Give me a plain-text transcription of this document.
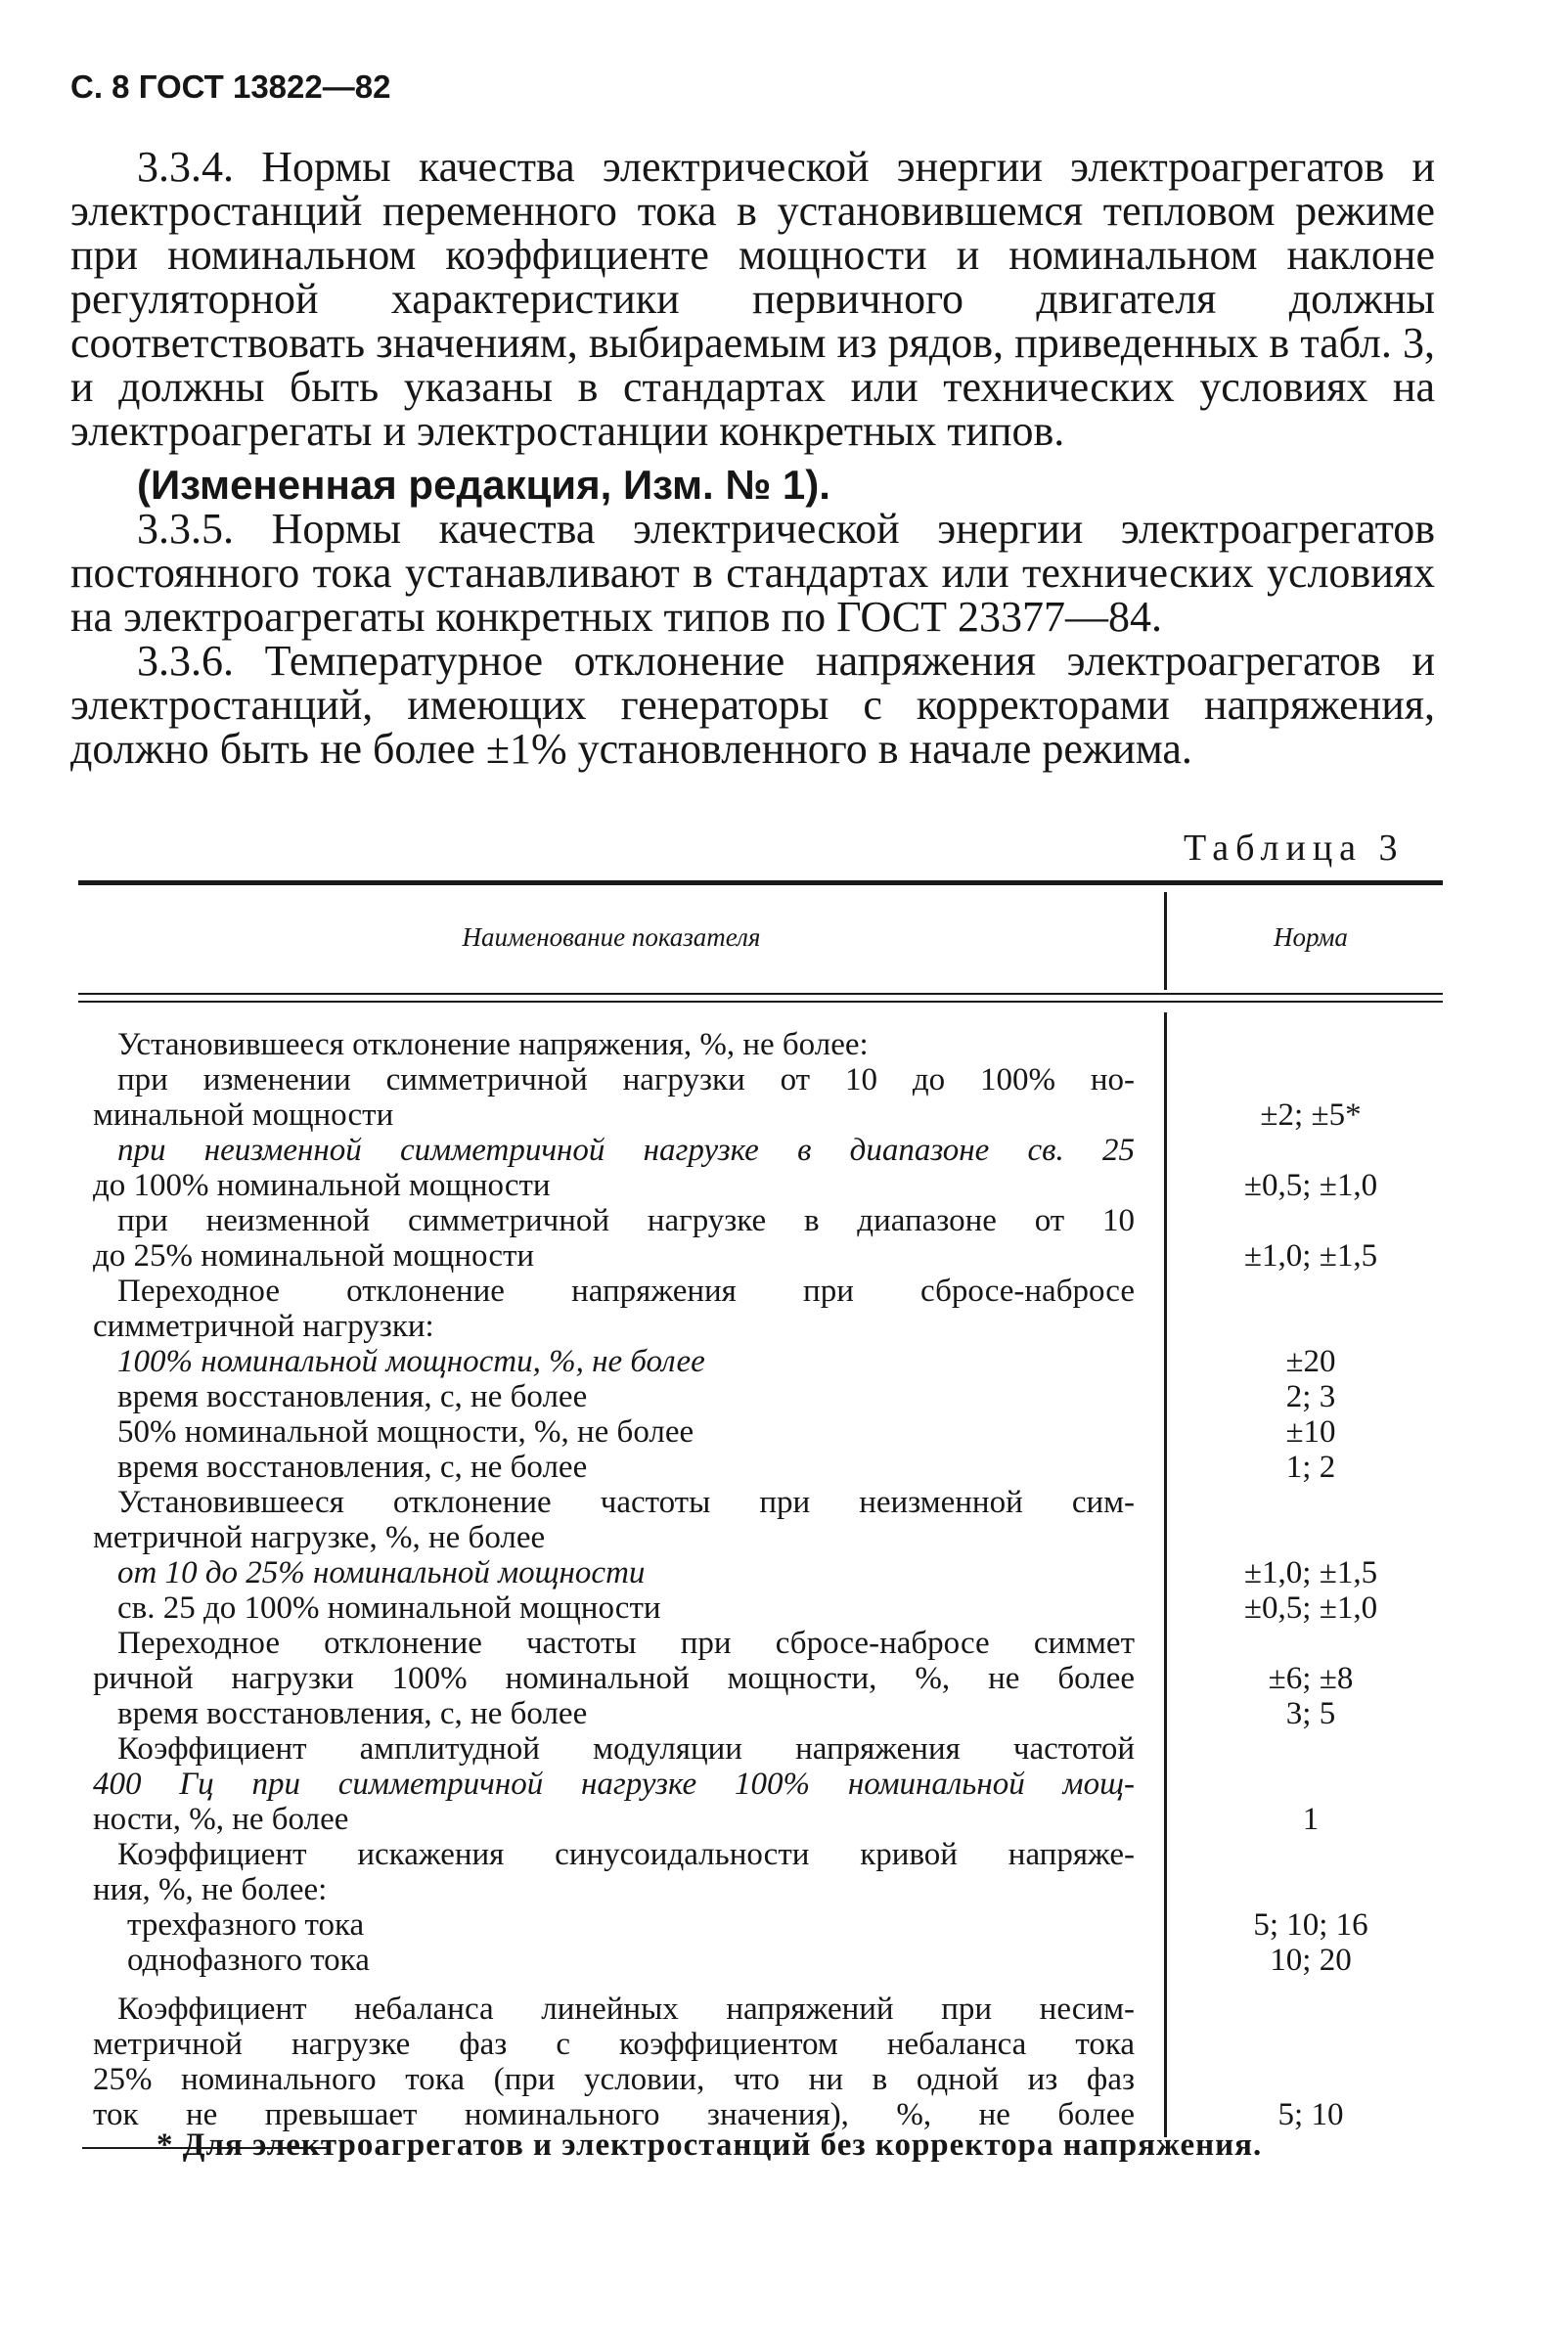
С. 8 ГОСТ 13822—82

3.3.4. Нормы качества электрической энергии электроагрегатов и электростанций переменного тока в установившемся тепловом режиме при номинальном коэффициенте мощности и номинальном наклоне регуляторной характеристики первичного двигателя должны соответствовать значениям, выбираемым из рядов, приведенных в табл. 3, и должны быть указаны в стандартах или технических условиях на электроагрегаты и электростанции конкретных типов.

(Измененная редакция, Изм. № 1).

3.3.5. Нормы качества электрической энергии электроагрегатов постоянного тока устанавливают в стандартах или технических условиях на электроагрегаты конкретных типов по ГОСТ 23377—84.

3.3.6. Температурное отклонение напряжения электроагрегатов и электростанций, имеющих генераторы с корректорами напряжения, должно быть не более ±1% установленного в начале режима.

Таблица 3
Наименование показателя	Норма
Установившееся отклонение напряжения, %, не более:
при изменении симметричной нагрузки от 10 до 100% но-
минальной мощности
при неизменной симметричной нагрузке в диапазоне св. 25
до 100% номинальной мощности
при неизменной симметричной нагрузке в диапазоне от 10
до 25% номинальной мощности
Переходное отклонение напряжения при сбросе-набросе
симметричной нагрузки:
100% номинальной мощности, %, не более
время восстановления, с, не более
50% номинальной мощности, %, не более
время восстановления, с, не более
Установившееся отклонение частоты при неизменной сим-
метричной нагрузке, %, не более
от 10 до 25% номинальной мощности
св. 25 до 100% номинальной мощности
Переходное отклонение частоты при сбросе-набросе симмет
ричной нагрузки 100% номинальной мощности, %, не более
время восстановления, с, не более
Коэффициент амплитудной модуляции напряжения частотой
400 Гц при симметричной нагрузке 100% номинальной мощ-
ности, %, не более
Коэффициент искажения синусоидальности кривой напряже-
ния, %, не более:
трехфазного тока
однофазного тока
Коэффициент небаланса линейных напряжений при несим-
метричной нагрузке фаз с коэффициентом небаланса тока
25% номинального тока (при условии, что ни в одной из фаз
ток не превышает номинального значения), %, не более
±2; ±5*
±0,5; ±1,0
±1,0; ±1,5
±20
2; 3
±10
1; 2
±1,0; ±1,5
±0,5; ±1,0
±6; ±8
3; 5
1
5; 10; 16
10; 20
5; 10
* Для электроагрегатов и электростанций без корректора напряжения.
